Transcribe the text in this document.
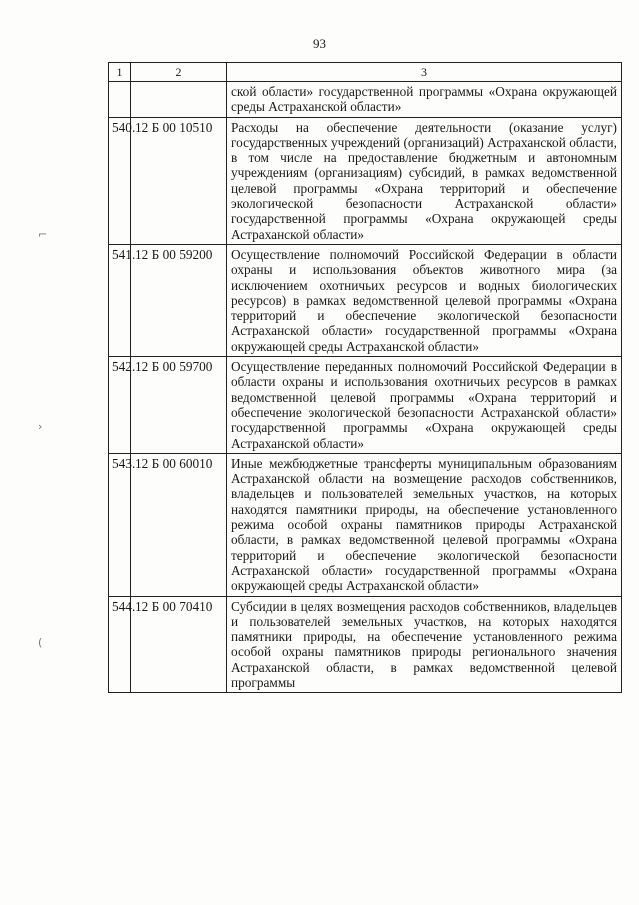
93
⌐
›
(
1	2	3
		ской области» государственной программы «Охрана окружающей среды Астраханской области»
540.	12 Б 00 10510	Расходы на обеспечение деятельности (оказание услуг) государственных учреждений (организаций) Астраханской области, в том числе на предоставление бюджетным и автономным учреждениям (организациям) субсидий, в рамках ведомственной целевой программы «Охрана территорий и обеспечение экологической безопасности Астраханской области» государственной программы «Охрана окружающей среды Астраханской области»
541.	12 Б 00 59200	Осуществление полномочий Российской Федерации в области охраны и использования объектов животного мира (за исключением охотничьих ресурсов и водных биологических ресурсов) в рамках ведомственной целевой программы «Охрана территорий и обеспечение экологической безопасности Астраханской области» государственной программы «Охрана окружающей среды Астраханской области»
542.	12 Б 00 59700	Осуществление переданных полномочий Российской Федерации в области охраны и использования охотничьих ресурсов в рамках ведомственной целевой программы «Охрана территорий и обеспечение экологической безопасности Астраханской области» государственной программы «Охрана окружающей среды Астраханской области»
543.	12 Б 00 60010	Иные межбюджетные трансферты муниципальным образованиям Астраханской области на возмещение расходов собственников, владельцев и пользователей земельных участков, на которых находятся памятники природы, на обеспечение установленного режима особой охраны памятников природы Астраханской области, в рамках ведомственной целевой программы «Охрана территорий и обеспечение экологической безопасности Астраханской области» государственной программы «Охрана окружающей среды Астраханской области»
544.	12 Б 00 70410	Субсидии в целях возмещения расходов собственников, владельцев и пользователей земельных участков, на которых находятся памятники природы, на обеспечение установленного режима особой охраны памятников природы регионального значения Астраханской области, в рамках ведомственной целевой программы
